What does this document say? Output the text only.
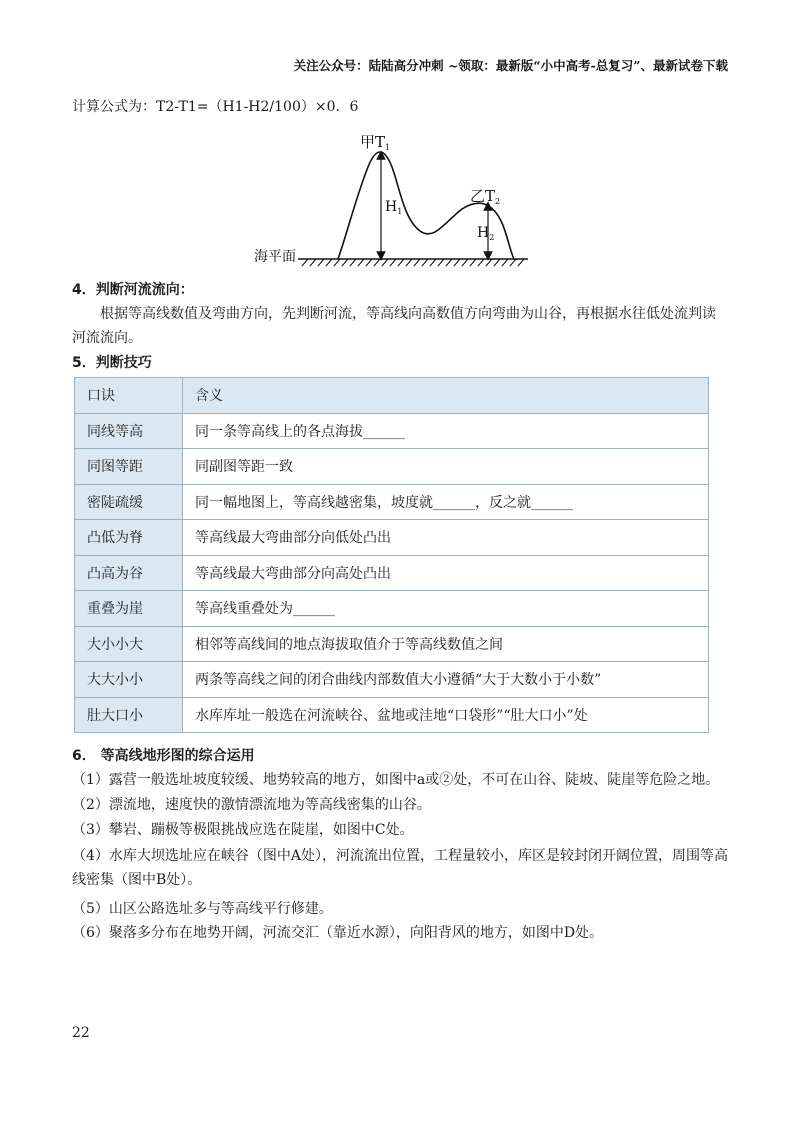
关注公众号：陆陆高分冲刺 ~领取：最新版“小中高考-总复习”、最新试卷下载
计算公式为：T2-T1=（H1-H2/100）×0．6
甲$T_1$
$H_1$
乙$T_2$
$H_2$
海平面
4．判断河流流向：
根据等高线数值及弯曲方向，先判断河流，等高线向高数值方向弯曲为山谷，再根据水往低处流判读河流流向。
5．判断技巧
口诀	含义
同线等高	同一条等高线上的各点海拔______
同图等距	同副图等距一致
密陡疏缓	同一幅地图上，等高线越密集，坡度就______，反之就______
凸低为脊	等高线最大弯曲部分向低处凸出
凸高为谷	等高线最大弯曲部分向高处凸出
重叠为崖	等高线重叠处为______
大小小大	相邻等高线间的地点海拔取值介于等高线数值之间
大大小小	两条等高线之间的闭合曲线内部数值大小遵循“大于大数小于小数”
肚大口小	水库库址一般选在河流峡谷、盆地或洼地“口袋形”“肚大口小”处
6． 等高线地形图的综合运用
（1）露营一般选址坡度较缓、地势较高的地方，如图中a或②处，不可在山谷、陡坡、陡崖等危险之地。
（2）漂流地，速度快的激情漂流地为等高线密集的山谷。
（3）攀岩、蹦极等极限挑战应选在陡崖，如图中C处。
（4）水库大坝选址应在峡谷（图中A处），河流流出位置，工程量较小，库区是较封闭开阔位置，周围等高线密集（图中B处）。
（5）山区公路选址多与等高线平行修建。
（6）聚落多分布在地势开阔，河流交汇（靠近水源），向阳背风的地方，如图中D处。
22
